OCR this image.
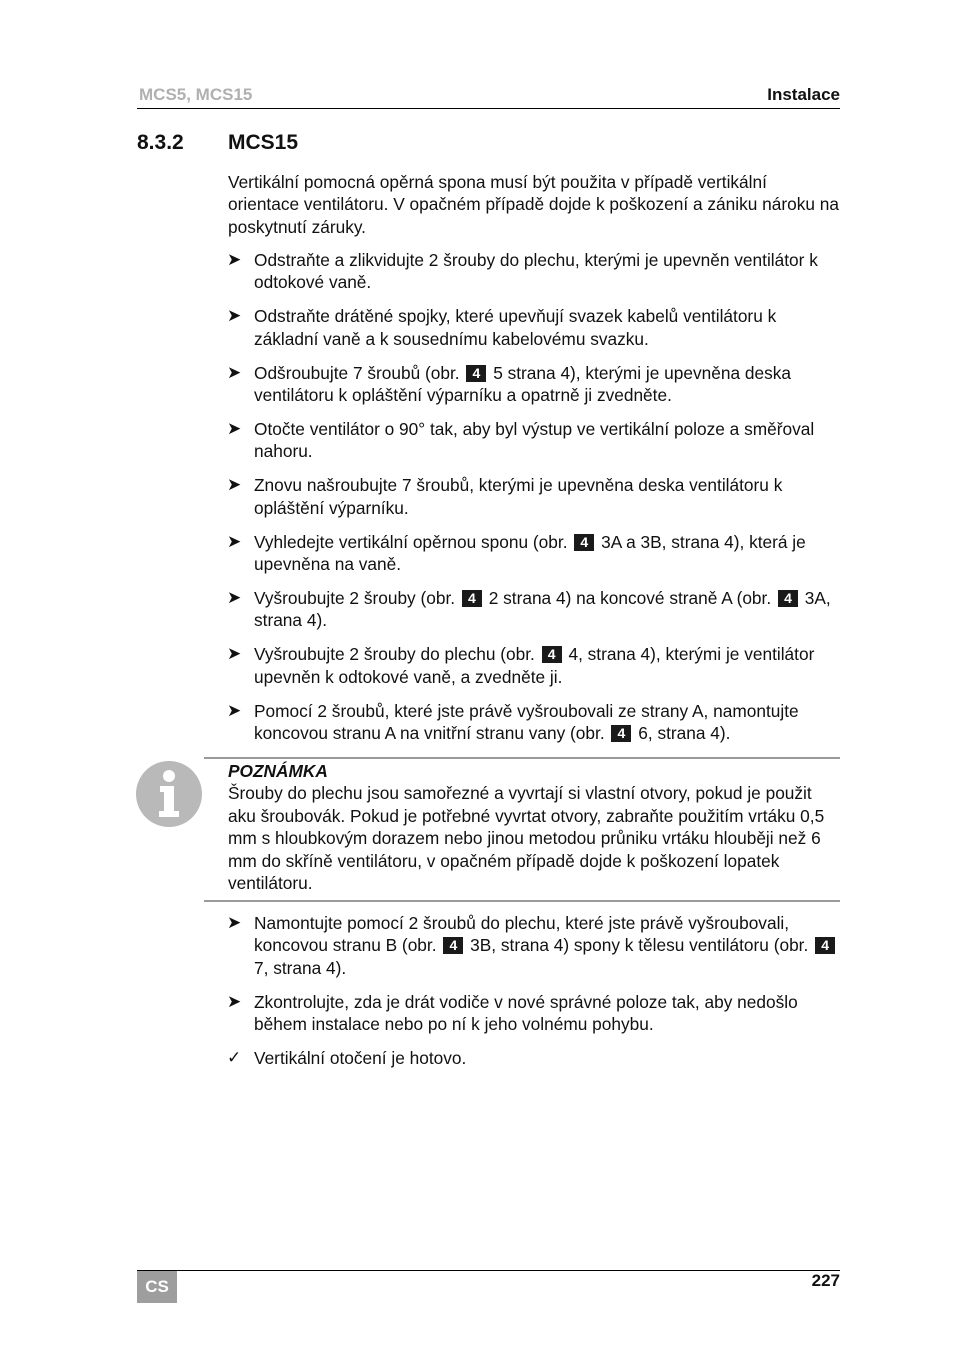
MCS5, MCS15	Instalace
8.3.2 MCS15
Vertikální pomocná opěrná spona musí být použita v případě vertikální orientace ventilátoru. V opačném případě dojde k poškození a zániku nároku na poskytnutí záruky.
➤ Odstraňte a zlikvidujte 2 šrouby do plechu, kterými je upevněn ventilátor k odtokové vaně.
➤ Odstraňte drátěné spojky, které upevňují svazek kabelů ventilátoru k základní vaně a k sousednímu kabelovému svazku.
➤ Odšroubujte 7 šroubů (obr. 4 5 strana 4), kterými je upevněna deska ventilátoru k opláštění výparníku a opatrně ji zvedněte.
➤ Otočte ventilátor o 90° tak, aby byl výstup ve vertikální poloze a směřoval nahoru.
➤ Znovu našroubujte 7 šroubů, kterými je upevněna deska ventilátoru k opláštění výparníku.
➤ Vyhledejte vertikální opěrnou sponu (obr. 4 3A a 3B, strana 4), která je upevněna na vaně.
➤ Vyšroubujte 2 šrouby (obr. 4 2 strana 4) na koncové straně A (obr. 4 3A, strana 4).
➤ Vyšroubujte 2 šrouby do plechu (obr. 4 4, strana 4), kterými je ventilátor upevněn k odtokové vaně, a zvedněte ji.
➤ Pomocí 2 šroubů, které jste právě vyšroubovali ze strany A, namontujte koncovou stranu A na vnitřní stranu vany (obr. 4 6, strana 4).
POZNÁMKA
Šrouby do plechu jsou samořezné a vyvrtají si vlastní otvory, pokud je použit aku šroubovák. Pokud je potřebné vyvrtat otvory, zabraňte použitím vrtáku 0,5 mm s hloubkovým dorazem nebo jinou metodou průniku vrtáku hlouběji než 6 mm do skříně ventilátoru, v opačném případě dojde k poškození lopatek ventilátoru.
➤ Namontujte pomocí 2 šroubů do plechu, které jste právě vyšroubovali, koncovou stranu B (obr. 4 3B, strana 4) spony k tělesu ventilátoru (obr. 4 7, strana 4).
➤ Zkontrolujte, zda je drát vodiče v nové správné poloze tak, aby nedošlo během instalace nebo po ní k jeho volnému pohybu.
✓ Vertikální otočení je hotovo.
CS	227
